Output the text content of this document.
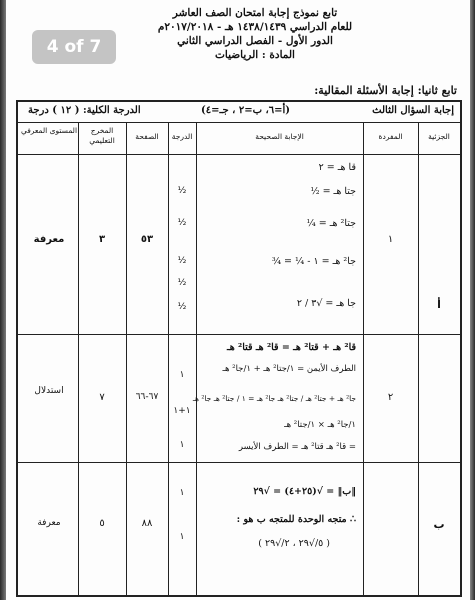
4 of 7
تابع نموذج إجابة امتحان الصف العاشر
للعام الدراسي ١٤٣٨/١٤٣٩ هـ - ٢٠١٧/٢٠١٨م
الدور الأول - الفصل الدراسي الثاني
المادة : الرياضيات
تابع ثانيا: إجابة الأسئلة المقالية:
إجابة السؤال الثالث
(أ=٦، ب=٢ ، جـ=٤)
الدرجة الكلية: ( ١٢ ) درجة
الجزئية
المفردة
الإجابة الصحيحة
الدرجة
الصفحة
المخرج التعليمي
المستوى المعرفي
أ
١
٥٣
٣
معرفة
قا هـ = ٢
جتا هـ = ½
جتا² هـ = ¼
جا² هـ = ١ - ¼ = ¾
جا هـ = √٣ / ٢
½
½
½
½
½
٢
٦٧-٦٦
٧
استدلال
قا² هـ + قتا² هـ = قا² هـ قتا² هـ
الطرف الأيمن = ١/جتا² هـ + ١/جا² هـ
جا² هـ + جتا² هـ / جتا² هـ جا² هـ = ١ / جتا² هـ جا² هـ
١/جا² هـ × ١/جتا² هـ
= قا² هـ قتا² هـ = الطرف الأيسر
١
١+١
١
ب
٨٨
٥
معرفة
‖ب‖ = √(٢٥+٤) = √٢٩
∴ متجه الوحدة للمتجه ب هو :
( ٥/√٢٩ ، ٢/√٢٩ )
١
١
